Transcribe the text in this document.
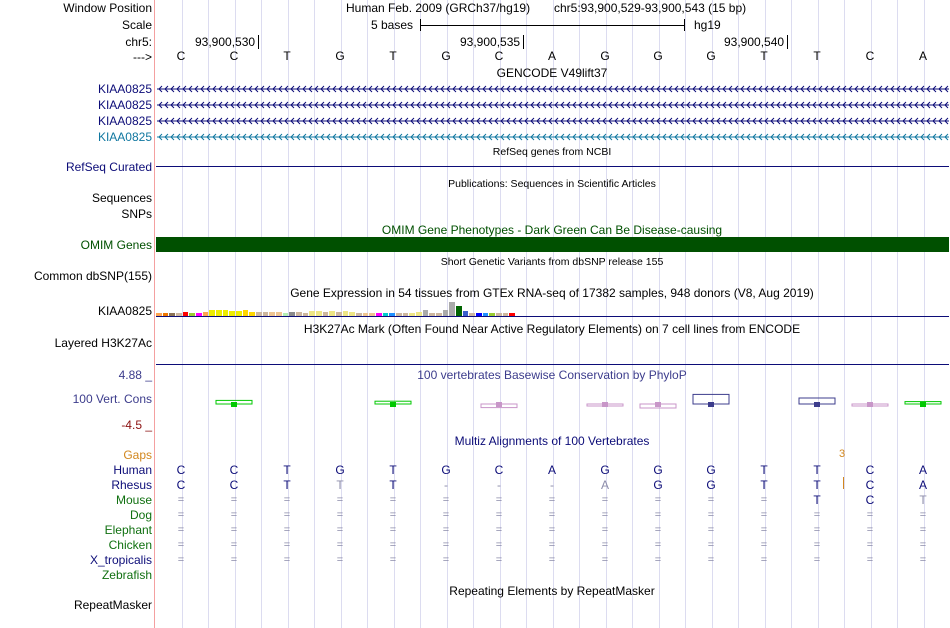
Window Position	Human Feb. 2009 (GRCh37/hg19) chr5:93,900,529-93,900,543 (15 bp)
Scale	5 bases	hg19
chr5:	93,900,530	93,900,535	93,900,540
---> C	C	T	G	T	G	C	A	G	G	G	T	T	C	A
GENCODE V49lift37
KIAA0825
KIAA0825
KIAA0825
KIAA0825
RefSeq genes from NCBI
RefSeq Curated
Publications: Sequences in Scientific Articles
Sequences
SNPs
OMIM Gene Phenotypes - Dark Green Can Be Disease-causing
OMIM Genes
Short Genetic Variants from dbSNP release 155
Common dbSNP(155)
Gene Expression in 54 tissues from GTEx RNA-seq of 17382 samples, 948 donors (V8, Aug 2019)
KIAA0825
H3K27Ac Mark (Often Found Near Active Regulatory Elements) on 7 cell lines from ENCODE
Layered H3K27Ac
100 vertebrates Basewise Conservation by PhyloP
4.88 _
100 Vert. Cons
-4.5 _
Multiz Alignments of 100 Vertebrates
Gaps	3
Human C	C	T	G	T	G	C	A	G	G	G	T	T	C	A
Rhesus C	C	T	T	T	-	-	-	A	G	G	T	T	C	A
Mouse =	=	=	=	=	=	=	=	=	=	=	=	T	C	T
Dog =	=	=	=	=	=	=	=	=	=	=	=	=	=	=
Elephant =	=	=	=	=	=	=	=	=	=	=	=	=	=	=
Chicken =	=	=	=	=	=	=	=	=	=	=	=	=	=	=
X_tropicalis =	=	=	=	=	=	=	=	=	=	=	=	=	=	=
Zebrafish
Repeating Elements by RepeatMasker
RepeatMasker
